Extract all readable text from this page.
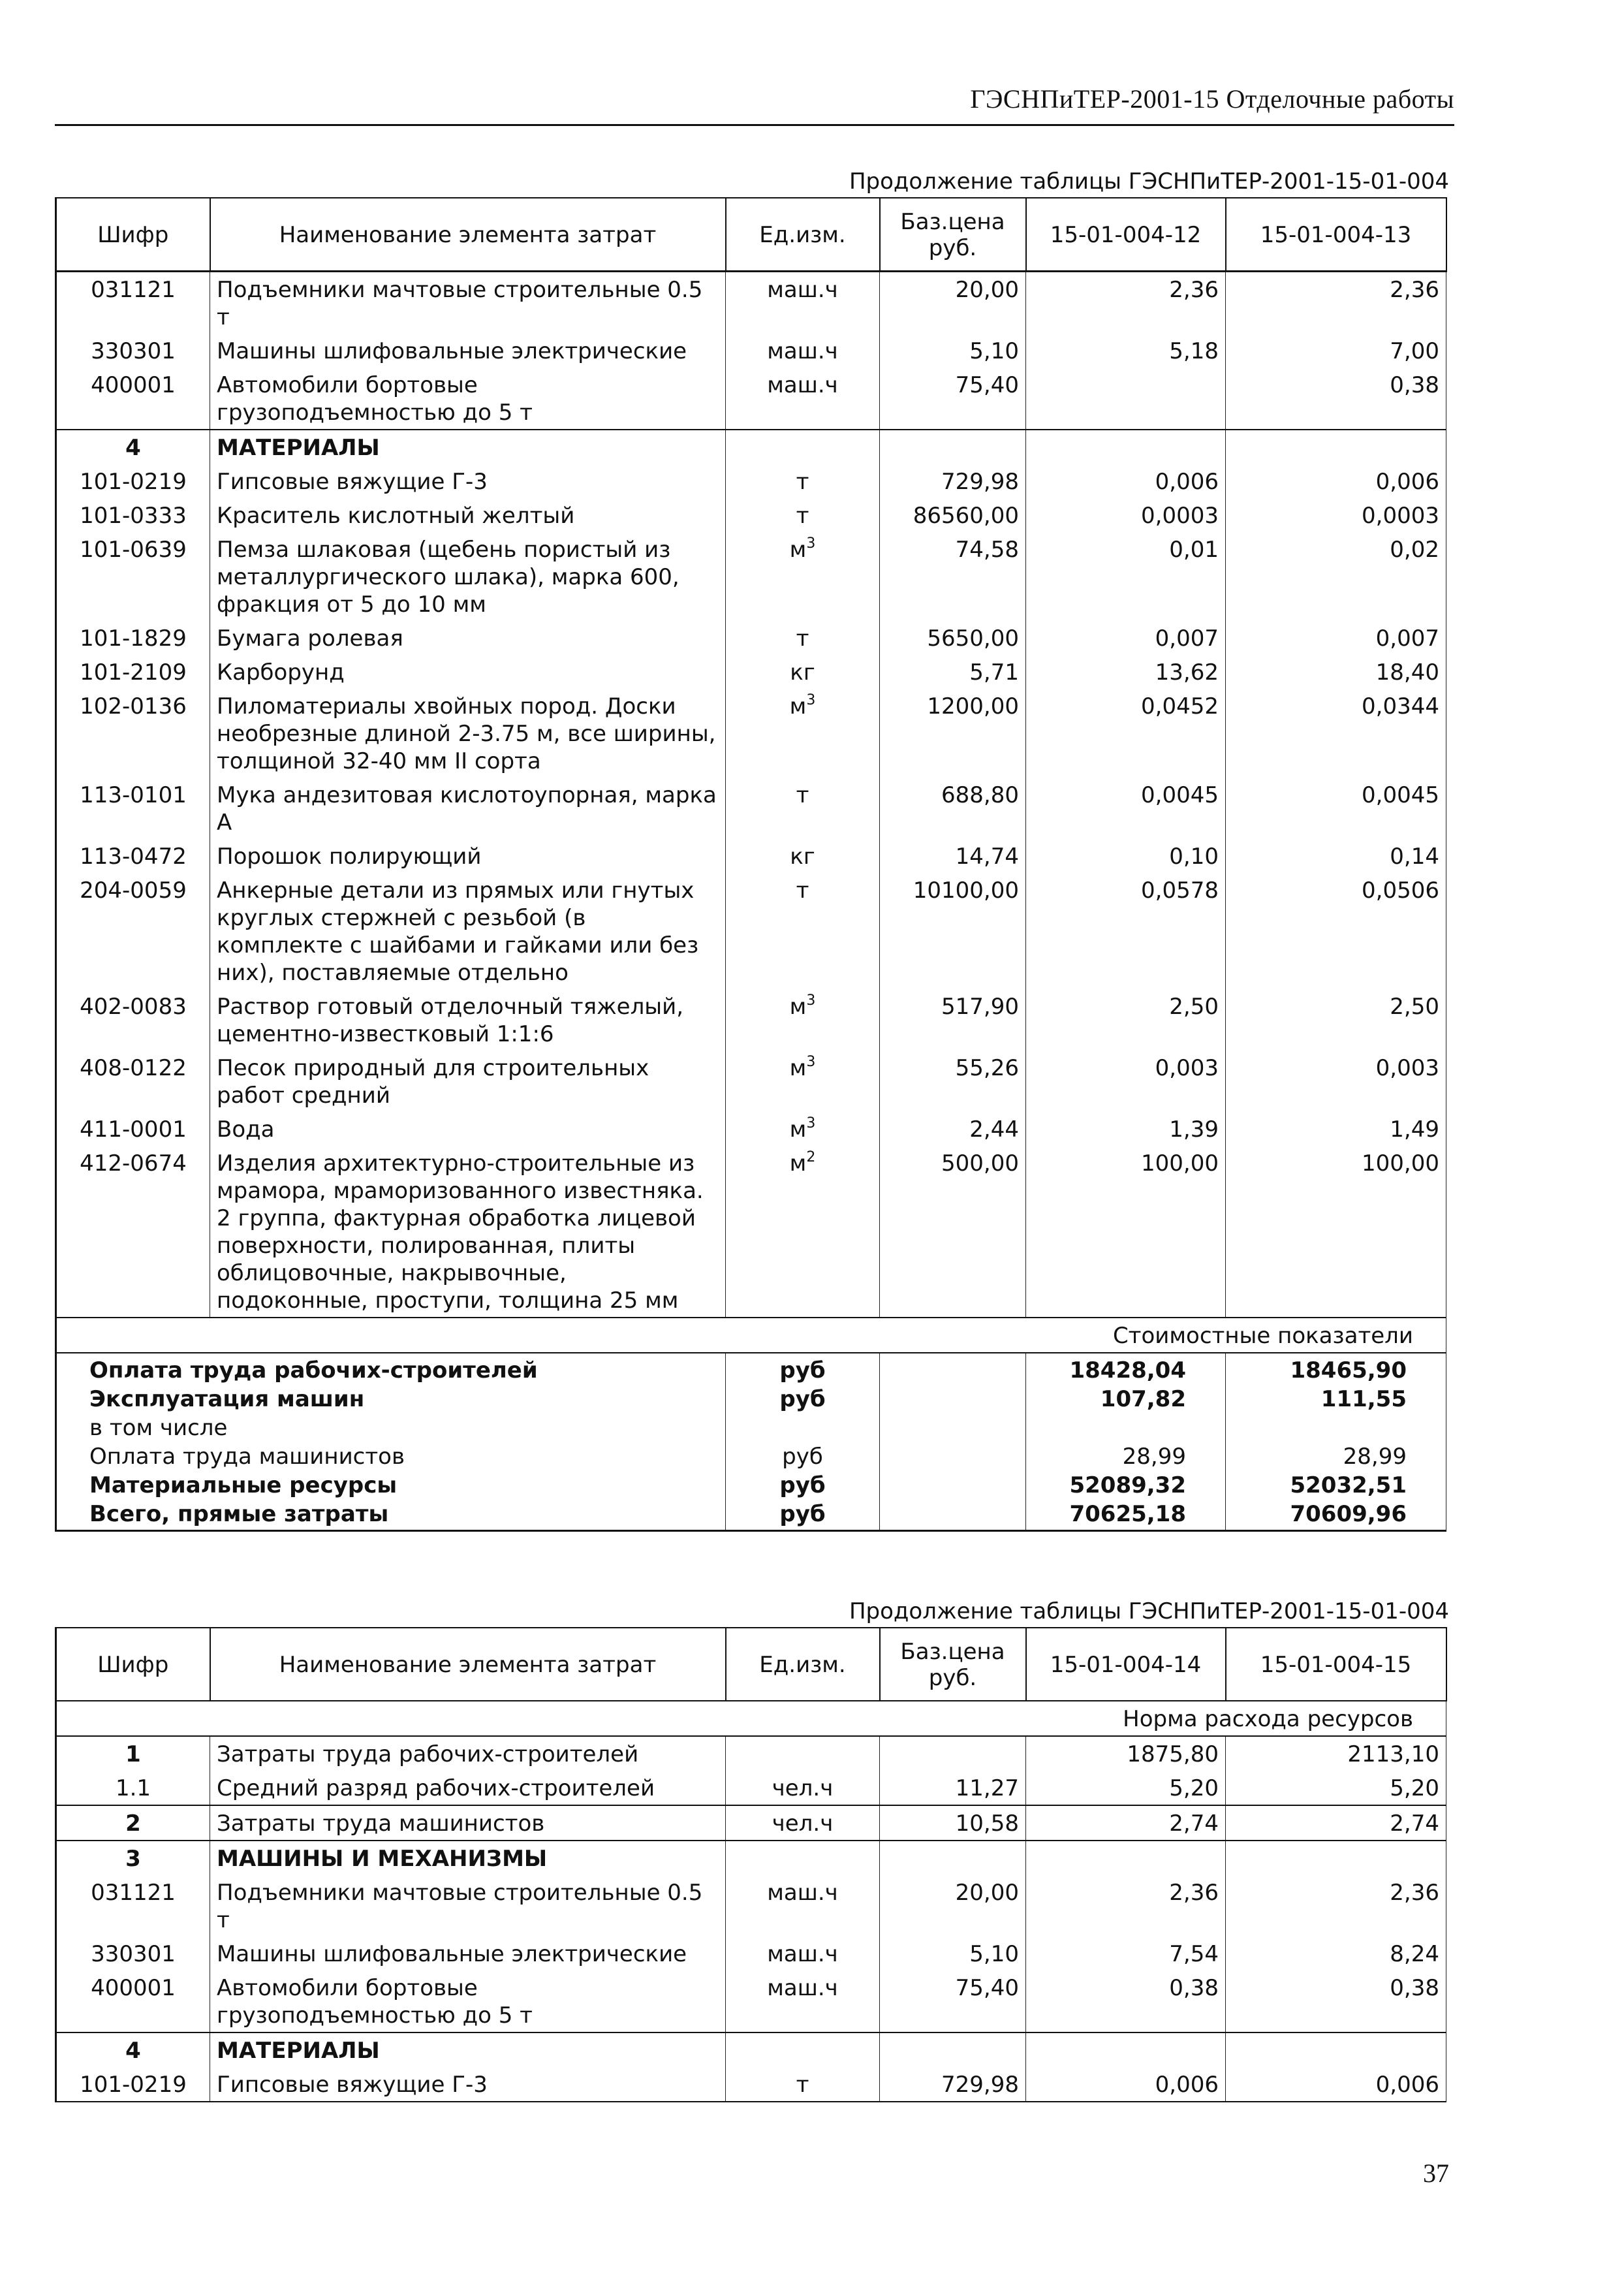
ГЭСНПиТЕР-2001-15 Отделочные работы
Продолжение таблицы ГЭСНПиТЕР-2001-15-01-004
Шифр	Наименование элемента затрат	Ед.изм.	Баз.цена руб.	15-01-004-12	15-01-004-13
031121	Подъемники мачтовые строительные 0.5 т	маш.ч	20,00	2,36	2,36
330301	Машины шлифовальные электрические	маш.ч	5,10	5,18	7,00
400001	Автомобили бортовые грузоподъемностью до 5 т	маш.ч	75,40		0,38
4	МАТЕРИАЛЫ				
101-0219	Гипсовые вяжущие Г-3	т	729,98	0,006	0,006
101-0333	Краситель кислотный желтый	т	86560,00	0,0003	0,0003
101-0639	Пемза шлаковая (щебень пористый из металлургического шлака), марка 600, фракция от 5 до 10 мм	$м^3$	74,58	0,01	0,02
101-1829	Бумага ролевая	т	5650,00	0,007	0,007
101-2109	Карборунд	кг	5,71	13,62	18,40
102-0136	Пиломатериалы хвойных пород. Доски необрезные длиной 2-3.75 м, все ширины, толщиной 32-40 мм II сорта	$м^3$	1200,00	0,0452	0,0344
113-0101	Мука андезитовая кислотоупорная, марка А	т	688,80	0,0045	0,0045
113-0472	Порошок полирующий	кг	14,74	0,10	0,14
204-0059	Анкерные детали из прямых или гнутых круглых стержней с резьбой (в комплекте с шайбами и гайками или без них), поставляемые отдельно	т	10100,00	0,0578	0,0506
402-0083	Раствор готовый отделочный тяжелый, цементно-известковый 1:1:6	$м^3$	517,90	2,50	2,50
408-0122	Песок природный для строительных работ средний	$м^3$	55,26	0,003	0,003
411-0001	Вода	$м^3$	2,44	1,39	1,49
412-0674	Изделия архитектурно-строительные из мрамора, мраморизованного известняка. 2 группа, фактурная обработка лицевой поверхности, полированная, плиты облицовочные, накрывочные, подоконные, проступи, толщина 25 мм	$м^2$	500,00	100,00	100,00
Стоимостные показатели					
Оплата труда рабочих-строителей		руб		18428,04	18465,90
Эксплуатация машин		руб		107,82	111,55
в том числе					
Оплата труда машинистов		руб		28,99	28,99
Материальные ресурсы		руб		52089,32	52032,51
Всего, прямые затраты		руб		70625,18	70609,96
Продолжение таблицы ГЭСНПиТЕР-2001-15-01-004
Шифр	Наименование элемента затрат	Ед.изм.	Баз.цена руб.	15-01-004-14	15-01-004-15
Норма расхода ресурсов					
1	Затраты труда рабочих-строителей			1875,80	2113,10
1.1	Средний разряд рабочих-строителей	чел.ч	11,27	5,20	5,20
2	Затраты труда машинистов	чел.ч	10,58	2,74	2,74
3	МАШИНЫ И МЕХАНИЗМЫ				
031121	Подъемники мачтовые строительные 0.5 т	маш.ч	20,00	2,36	2,36
330301	Машины шлифовальные электрические	маш.ч	5,10	7,54	8,24
400001	Автомобили бортовые грузоподъемностью до 5 т	маш.ч	75,40	0,38	0,38
4	МАТЕРИАЛЫ				
101-0219	Гипсовые вяжущие Г-3	т	729,98	0,006	0,006
37
